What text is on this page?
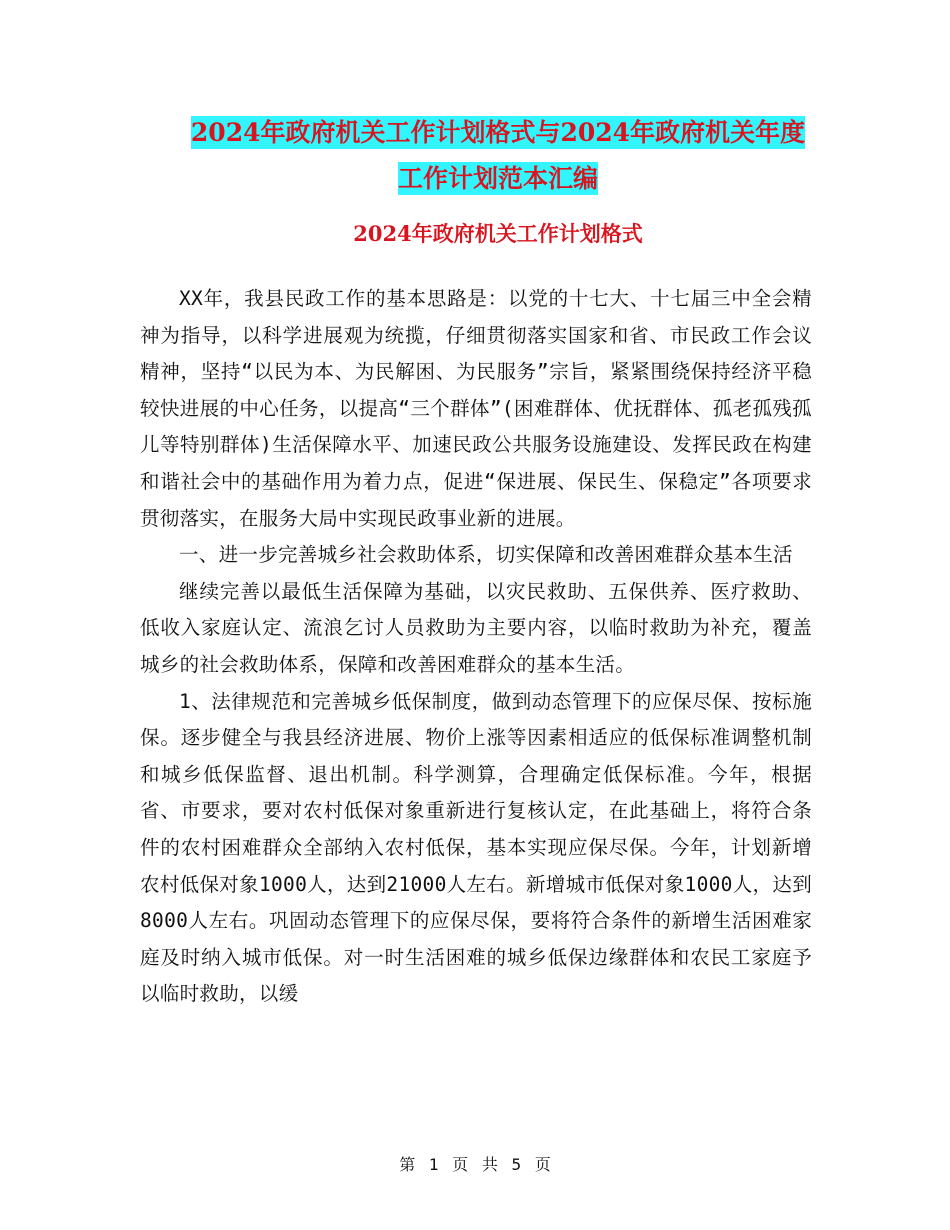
2024年政府机关工作计划格式与2024年政府机关年度
工作计划范本汇编
2024年政府机关工作计划格式

XX年，我县民政工作的基本思路是：以党的十七大、十七届三中全会精神为指导，以科学进展观为统揽，仔细贯彻落实国家和省、市民政工作会议精神，坚持“以民为本、为民解困、为民服务”宗旨，紧紧围绕保持经济平稳较快进展的中心任务，以提高“三个群体”(困难群体、优抚群体、孤老孤残孤儿等特别群体)生活保障水平、加速民政公共服务设施建设、发挥民政在构建和谐社会中的基础作用为着力点，促进“保进展、保民生、保稳定”各项要求贯彻落实，在服务大局中实现民政事业新的进展。

一、进一步完善城乡社会救助体系，切实保障和改善困难群众基本生活

继续完善以最低生活保障为基础，以灾民救助、五保供养、医疗救助、低收入家庭认定、流浪乞讨人员救助为主要内容，以临时救助为补充，覆盖城乡的社会救助体系，保障和改善困难群众的基本生活。

1、法律规范和完善城乡低保制度，做到动态管理下的应保尽保、按标施保。逐步健全与我县经济进展、物价上涨等因素相适应的低保标准调整机制和城乡低保监督、退出机制。科学测算，合理确定低保标准。今年，根据省、市要求，要对农村低保对象重新进行复核认定，在此基础上，将符合条件的农村困难群众全部纳入农村低保，基本实现应保尽保。今年，计划新增农村低保对象1000人，达到21000人左右。新增城市低保对象1000人，达到8000人左右。巩固动态管理下的应保尽保，要将符合条件的新增生活困难家庭及时纳入城市低保。对一时生活困难的城乡低保边缘群体和农民工家庭予以临时救助，以缓

第 1 页 共 5 页
